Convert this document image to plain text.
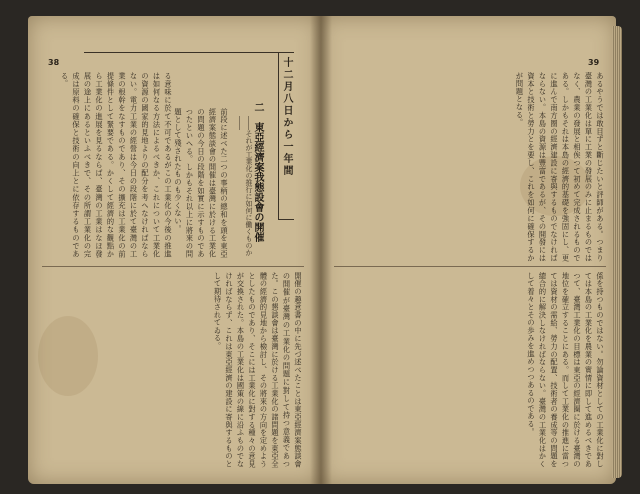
38	十二月八日から一年間
二　東亞經濟案我態設會の開催
――それが工業化の推行に如何に働くものか――
前段に述べた二つの事柄の總和を頭を東亞經濟案態談會の開催は臺灣に於ける工業化の問題の今日の段階を如實に示すものであつたといへる。しかもそれ以上に將來の問題として殘されたものも少くない。
る意味に於て不可であるがこの工業化の今後の推進は如何なる方法によるべきか、これについて工業化の資源の國家的見地よりの配分を考へなければならない。電力工業の經營は今日の段階に於て臺灣の工業の根幹をなすものであり、その擴充は工業化の前提條件として緊要である。かくして經濟的な觀點から工業化の進展を見るならば、臺灣の工業はなほ發展の途上にあるといふべきで、その所謂工業化の完成は原料の確保と技術の向上とに依存するものである。
開催の趣意書の中に先づ述べたことは東亞經濟案態談會の開催が臺灣の工業化の問題に對して持つ意義であつた。この懇談會は臺灣に於ける工業化の諸問題を東亞全體の經濟的見地から檢討し、その將來の方向を定めようとしたものであり、そこには工業化に對する種々の意見が交換された。本島の工業化は國策の線に沿ふものでなければならず、これは東亞經濟の建設に寄與するものとして期待されてゐる。
39
あるやうでは敢目ずと斷じたいと評師がある。つまり臺灣の工業化は單に工業の發展のみに止まるものではなく、農業の發展と相俟つて初めて完成されるものである。しかもそれは本島の經濟的基礎を強固にし、更に進んで南方圈の經濟建設に寄與するものでなければならない。本島の資源は豐富であるが、その開發には資本と技術と勞力とを要し、これを如何に確保するかが問題となる。
係を持つものではない。勿論資材としての工業化に對しては本島の工業化を農業の實情に即して進めるべきであつて、臺灣工業化の目標は東亞の經濟圈に於ける臺灣の地位を確立することにある。而して工業化の推進に當つては資材の需給、勞力の配置、技術者の養成等の問題を總合的に解決しなければならない。臺灣の工業化はかくして着々とその歩みを進めつつあるのである。
